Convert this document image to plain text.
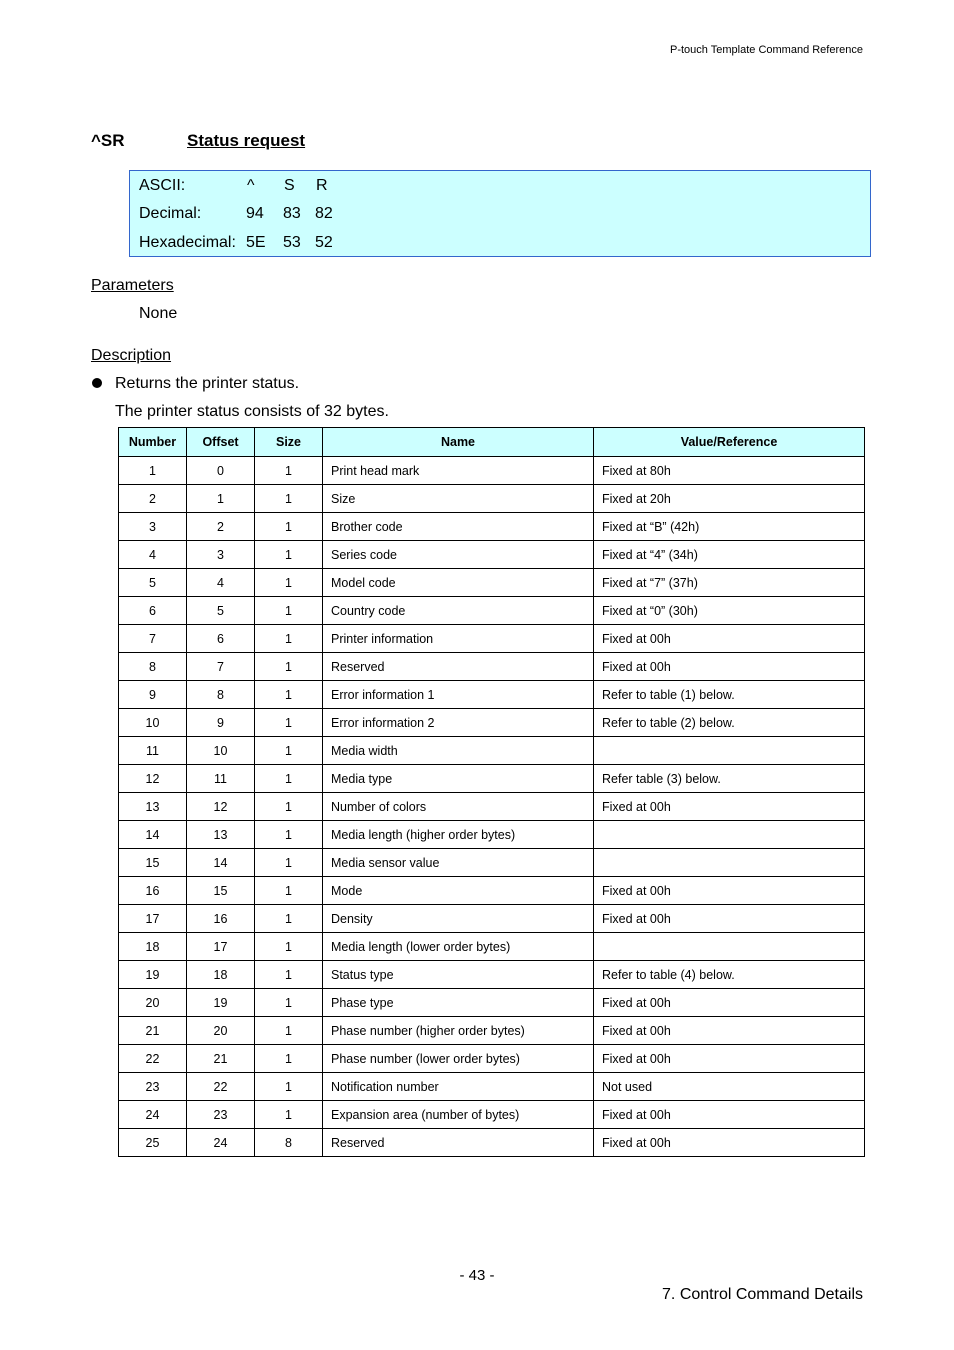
P-touch Template Command Reference
^SR	Status request
ASCII:	^ S R
Decimal:	94 83 82
Hexadecimal: 5E 53 52
Parameters
None
Description
Returns the printer status.
The printer status consists of 32 bytes.
Number	Offset	Size	Name	Value/Reference
1	0	1	Print head mark	Fixed at 80h
2	1	1	Size	Fixed at 20h
3	2	1	Brother code	Fixed at “B” (42h)
4	3	1	Series code	Fixed at “4” (34h)
5	4	1	Model code	Fixed at “7” (37h)
6	5	1	Country code	Fixed at “0” (30h)
7	6	1	Printer information	Fixed at 00h
8	7	1	Reserved	Fixed at 00h
9	8	1	Error information 1	Refer to table (1) below.
10	9	1	Error information 2	Refer to table (2) below.
11	10	1	Media width	
12	11	1	Media type	Refer table (3) below.
13	12	1	Number of colors	Fixed at 00h
14	13	1	Media length (higher order bytes)	
15	14	1	Media sensor value	
16	15	1	Mode	Fixed at 00h
17	16	1	Density	Fixed at 00h
18	17	1	Media length (lower order bytes)	
19	18	1	Status type	Refer to table (4) below.
20	19	1	Phase type	Fixed at 00h
21	20	1	Phase number (higher order bytes)	Fixed at 00h
22	21	1	Phase number (lower order bytes)	Fixed at 00h
23	22	1	Notification number	Not used
24	23	1	Expansion area (number of bytes)	Fixed at 00h
25	24	8	Reserved	Fixed at 00h
- 43 -
7. Control Command Details
